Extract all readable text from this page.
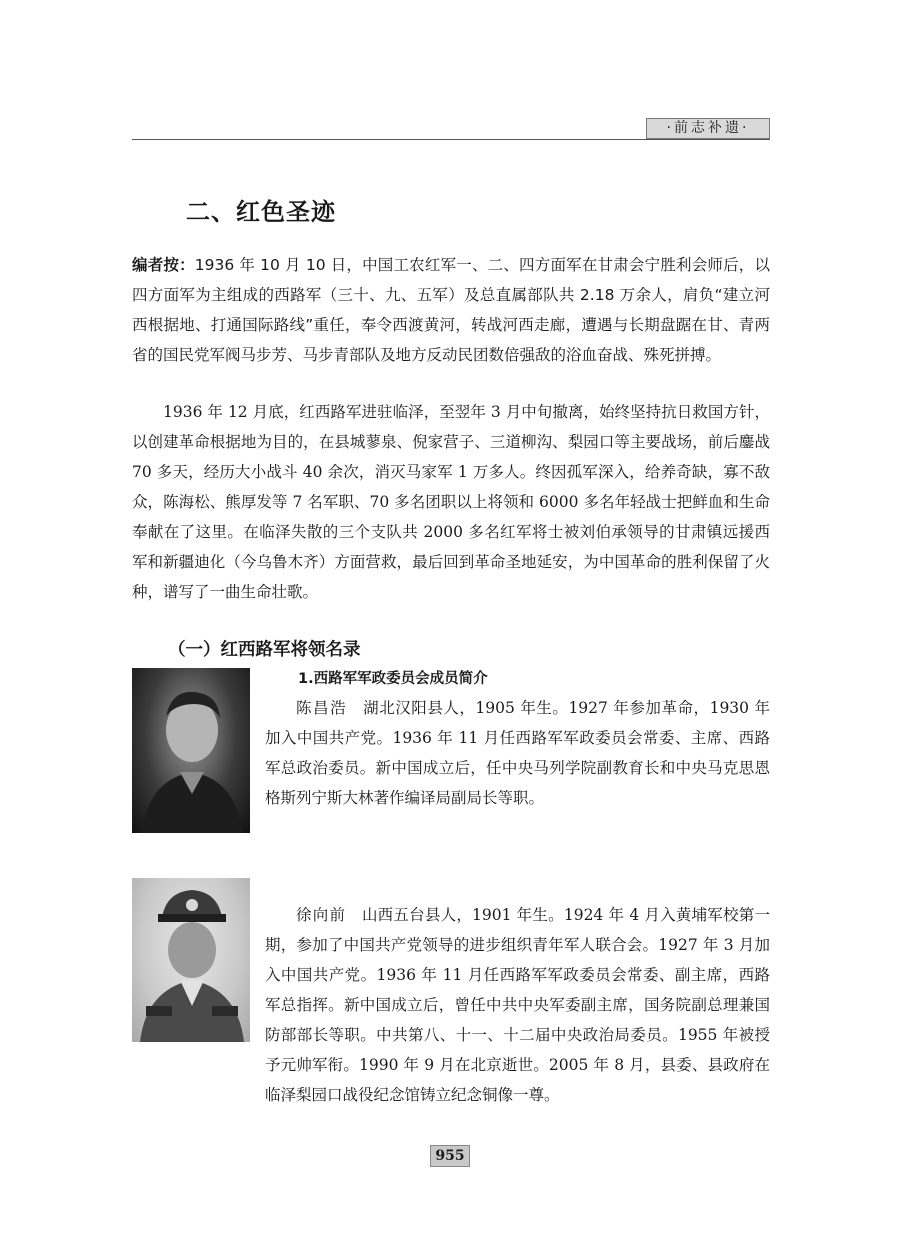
·前志补遗·
二、红色圣迹

编者按：1936 年 10 月 10 日，中国工农红军一、二、四方面军在甘肃会宁胜利会师后，以四方面军为主组成的西路军（三十、九、五军）及总直属部队共 2.18 万余人，肩负“建立河西根据地、打通国际路线”重任，奉令西渡黄河，转战河西走廊，遭遇与长期盘踞在甘、青两省的国民党军阀马步芳、马步青部队及地方反动民团数倍强敌的浴血奋战、殊死拼搏。

1936 年 12 月底，红西路军进驻临泽，至翌年 3 月中旬撤离，始终坚持抗日救国方针，以创建革命根据地为目的，在县城蓼泉、倪家营子、三道柳沟、梨园口等主要战场，前后鏖战 70 多天，经历大小战斗 40 余次，消灭马家军 1 万多人。终因孤军深入，给养奇缺，寡不敌众，陈海松、熊厚发等 7 名军职、70 多名团职以上将领和 6000 多名年轻战士把鲜血和生命奉献在了这里。在临泽失散的三个支队共 2000 多名红军将士被刘伯承领导的甘肃镇远援西军和新疆迪化（今乌鲁木齐）方面营救，最后回到革命圣地延安，为中国革命的胜利保留了火种，谱写了一曲生命壮歌。

（一）红西路军将领名录
1.西路军军政委员会成员简介

陈昌浩　 湖北汉阳县人，1905 年生。1927 年参加革命，1930 年加入中国共产党。1936 年 11 月任西路军军政委员会常委、主席、西路军总政治委员。新中国成立后，任中央马列学院副教育长和中央马克思恩格斯列宁斯大林著作编译局副局长等职。

徐向前　 山西五台县人，1901 年生。1924 年 4 月入黄埔军校第一期，参加了中国共产党领导的进步组织青年军人联合会。1927 年 3 月加入中国共产党。1936 年 11 月任西路军军政委员会常委、副主席，西路军总指挥。新中国成立后，曾任中共中央军委副主席，国务院副总理兼国防部部长等职。中共第八、十一、十二届中央政治局委员。1955 年被授予元帅军衔。1990 年 9 月在北京逝世。2005 年 8 月，县委、县政府在临泽梨园口战役纪念馆铸立纪念铜像一尊。

955
